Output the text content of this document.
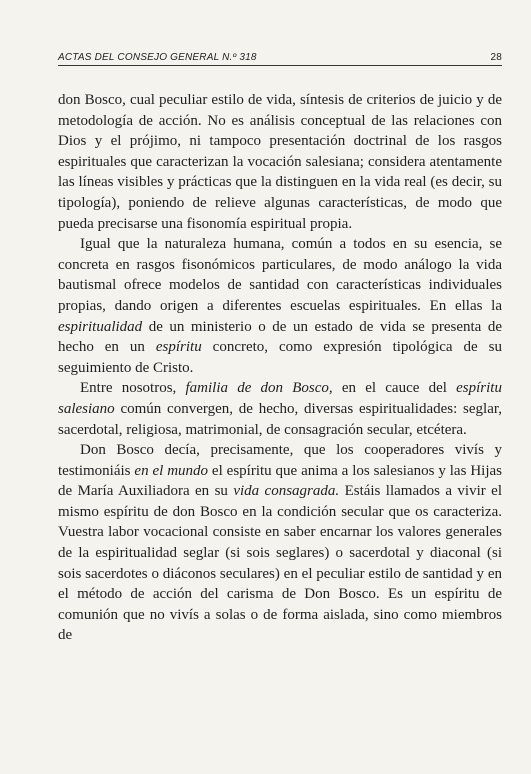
ACTAS DEL CONSEJO GENERAL N.º 318	28

don Bosco, cual peculiar estilo de vida, síntesis de criterios de juicio y de metodología de acción. No es análisis conceptual de las relaciones con Dios y el prójimo, ni tampoco presentación doctrinal de los rasgos espirituales que caracterizan la vocación salesiana; considera atentamente las líneas visibles y prácticas que la distinguen en la vida real (es decir, su tipología), poniendo de relieve algunas características, de modo que pueda precisarse una fisonomía espiritual propia.

Igual que la naturaleza humana, común a todos en su esencia, se concreta en rasgos fisonómicos particulares, de modo análogo la vida bautismal ofrece modelos de santidad con características individuales propias, dando origen a diferentes escuelas espirituales. En ellas la espiritualidad de un ministerio o de un estado de vida se presenta de hecho en un espíritu concreto, como expresión tipológica de su seguimiento de Cristo.

Entre nosotros, familia de don Bosco, en el cauce del espíritu salesiano común convergen, de hecho, diversas espiritualidades: seglar, sacerdotal, religiosa, matrimonial, de consagración secular, etcétera.

Don Bosco decía, precisamente, que los cooperadores vivís y testimoniáis en el mundo el espíritu que anima a los salesianos y las Hijas de María Auxiliadora en su vida consagrada. Estáis llamados a vivir el mismo espíritu de don Bosco en la condición secular que os caracteriza. Vuestra labor vocacional consiste en saber encarnar los valores generales de la espiritualidad seglar (si sois seglares) o sacerdotal y diaconal (si sois sacerdotes o diáconos seculares) en el peculiar estilo de santidad y en el método de acción del carisma de Don Bosco. Es un espíritu de comunión que no vivís a solas o de forma aislada, sino como miembros de
